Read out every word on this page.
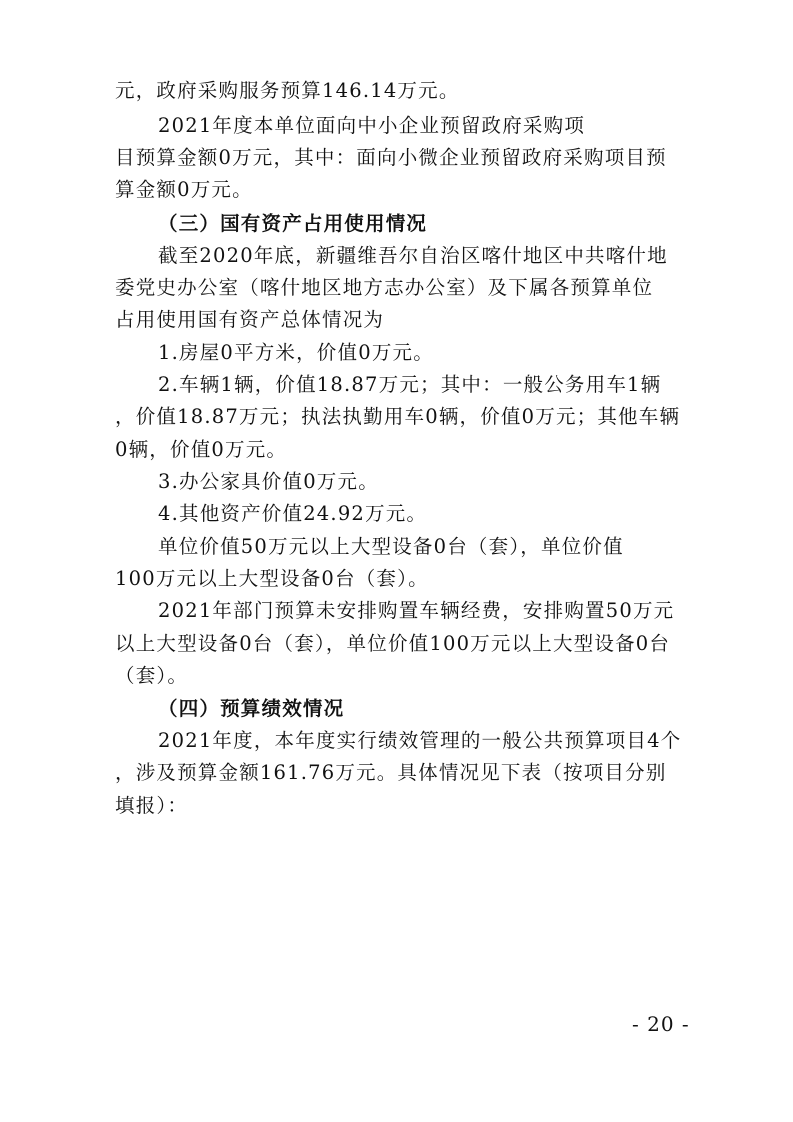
元，政府采购服务预算146.14万元。
2021年度本单位面向中小企业预留政府采购项
目预算金额0万元，其中：面向小微企业预留政府采购项目预
算金额0万元。
（三）国有资产占用使用情况
截至2020年底，新疆维吾尔自治区喀什地区中共喀什地
委党史办公室（喀什地区地方志办公室）及下属各预算单位
占用使用国有资产总体情况为
1.房屋0平方米，价值0万元。
2.车辆1辆，价值18.87万元；其中：一般公务用车1辆
，价值18.87万元；执法执勤用车0辆，价值0万元；其他车辆
0辆，价值0万元。
3.办公家具价值0万元。
4.其他资产价值24.92万元。
单位价值50万元以上大型设备0台（套），单位价值
100万元以上大型设备0台（套）。
2021年部门预算未安排购置车辆经费，安排购置50万元
以上大型设备0台（套），单位价值100万元以上大型设备0台
（套）。
（四）预算绩效情况
2021年度，本年度实行绩效管理的一般公共预算项目4个
，涉及预算金额161.76万元。具体情况见下表（按项目分别
填报）：
- 20 -
